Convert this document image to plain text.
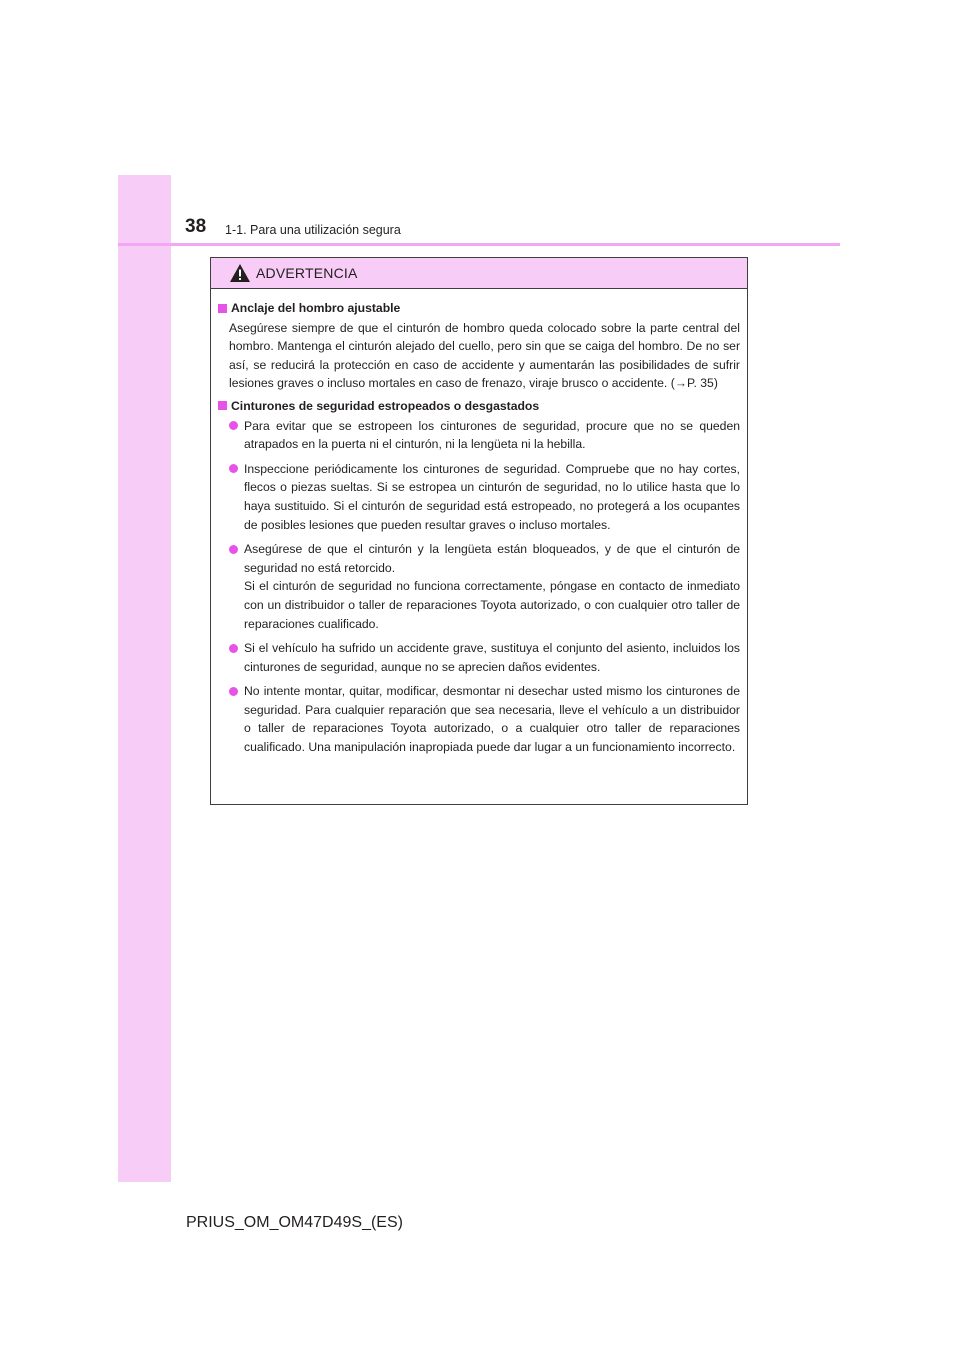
38 1-1. Para una utilización segura
ADVERTENCIA
Anclaje del hombro ajustable
Asegúrese siempre de que el cinturón de hombro queda colocado sobre la parte central del hombro. Mantenga el cinturón alejado del cuello, pero sin que se caiga del hombro. De no ser así, se reducirá la protección en caso de accidente y aumentarán las posibilidades de sufrir lesiones graves o incluso mortales en caso de frenazo, viraje brusco o accidente. (→P. 35)
Cinturones de seguridad estropeados o desgastados
Para evitar que se estropeen los cinturones de seguridad, procure que no se queden atrapados en la puerta ni el cinturón, ni la lengüeta ni la hebilla.
Inspeccione periódicamente los cinturones de seguridad. Compruebe que no hay cortes, flecos o piezas sueltas. Si se estropea un cinturón de seguridad, no lo utilice hasta que lo haya sustituido. Si el cinturón de seguridad está estropeado, no protegerá a los ocupantes de posibles lesiones que pueden resultar graves o incluso mortales.
Asegúrese de que el cinturón y la lengüeta están bloqueados, y de que el cinturón de seguridad no está retorcido.
Si el cinturón de seguridad no funciona correctamente, póngase en contacto de inmediato con un distribuidor o taller de reparaciones Toyota autorizado, o con cualquier otro taller de reparaciones cualificado.
Si el vehículo ha sufrido un accidente grave, sustituya el conjunto del asiento, incluidos los cinturones de seguridad, aunque no se aprecien daños evidentes.
No intente montar, quitar, modificar, desmontar ni desechar usted mismo los cinturones de seguridad. Para cualquier reparación que sea necesaria, lleve el vehículo a un distribuidor o taller de reparaciones Toyota autorizado, o a cualquier otro taller de reparaciones cualificado. Una manipulación inapropiada puede dar lugar a un funcionamiento incorrecto.
PRIUS_OM_OM47D49S_(ES)
